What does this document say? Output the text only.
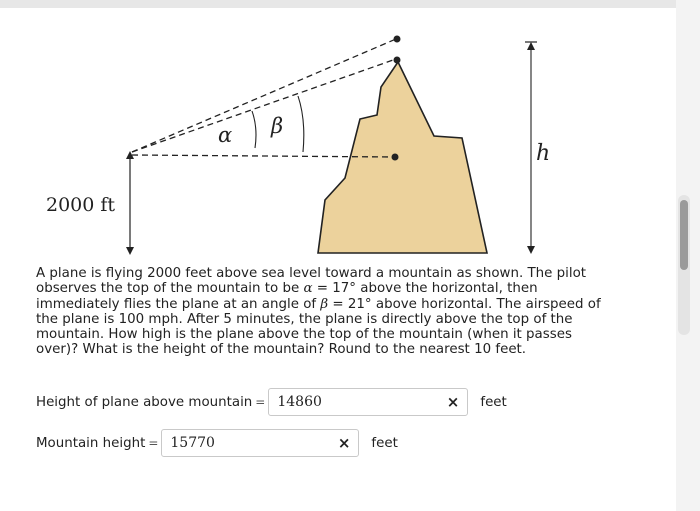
α β
h
2000 ft

A plane is flying 2000 feet above sea level toward a mountain as shown. The pilot observes the top of the mountain to be α = 17° above the horizontal, then immediately flies the plane at an angle of β = 21° above horizontal. The airspeed of the plane is 100 mph. After 5 minutes, the plane is directly above the top of the mountain. How high is the plane above the top of the mountain (when it passes over)? What is the height of the mountain? Round to the nearest 10 feet.

Height of plane above mountain = 14860	× feet
Mountain height = 15770	× feet
